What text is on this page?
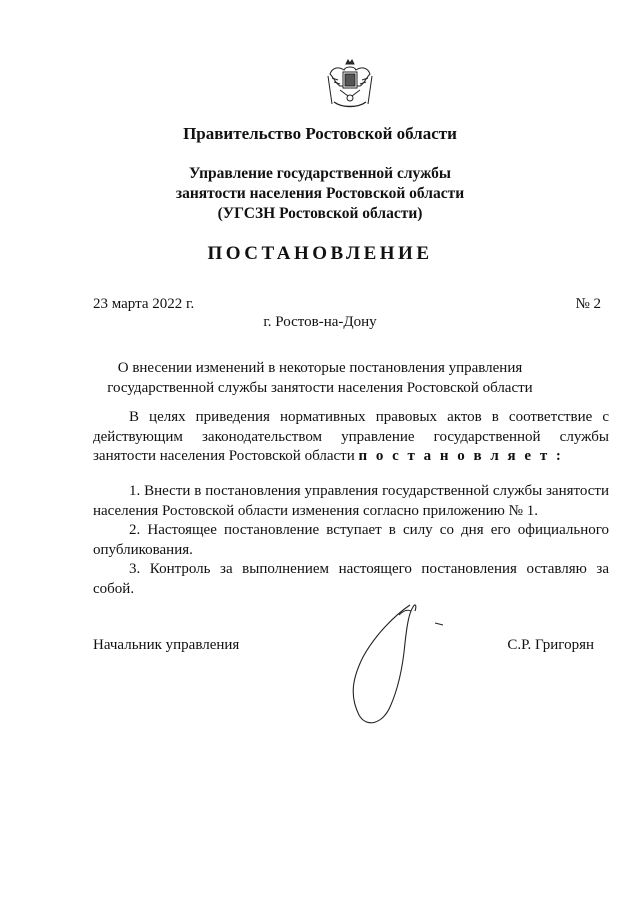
Правительство Ростовской области
Управление государственной службы
занятости населения Ростовской области
(УГСЗН Ростовской области)
ПОСТАНОВЛЕНИЕ
23 марта 2022 г.	№ 2
г. Ростов-на-Дону
О внесении изменений в некоторые постановления управления
государственной службы занятости населения Ростовской области
В целях приведения нормативных правовых актов в соответствие с действующим законодательством управление государственной службы занятости населения Ростовской области п о с т а н о в л я е т :
1. Внести в постановления управления государственной службы занятости населения Ростовской области изменения согласно приложению № 1.
2. Настоящее постановление вступает в силу со дня его официального опубликования.
3. Контроль за выполнением настоящего постановления оставляю за собой.
Начальник управления	С.Р. Григорян
